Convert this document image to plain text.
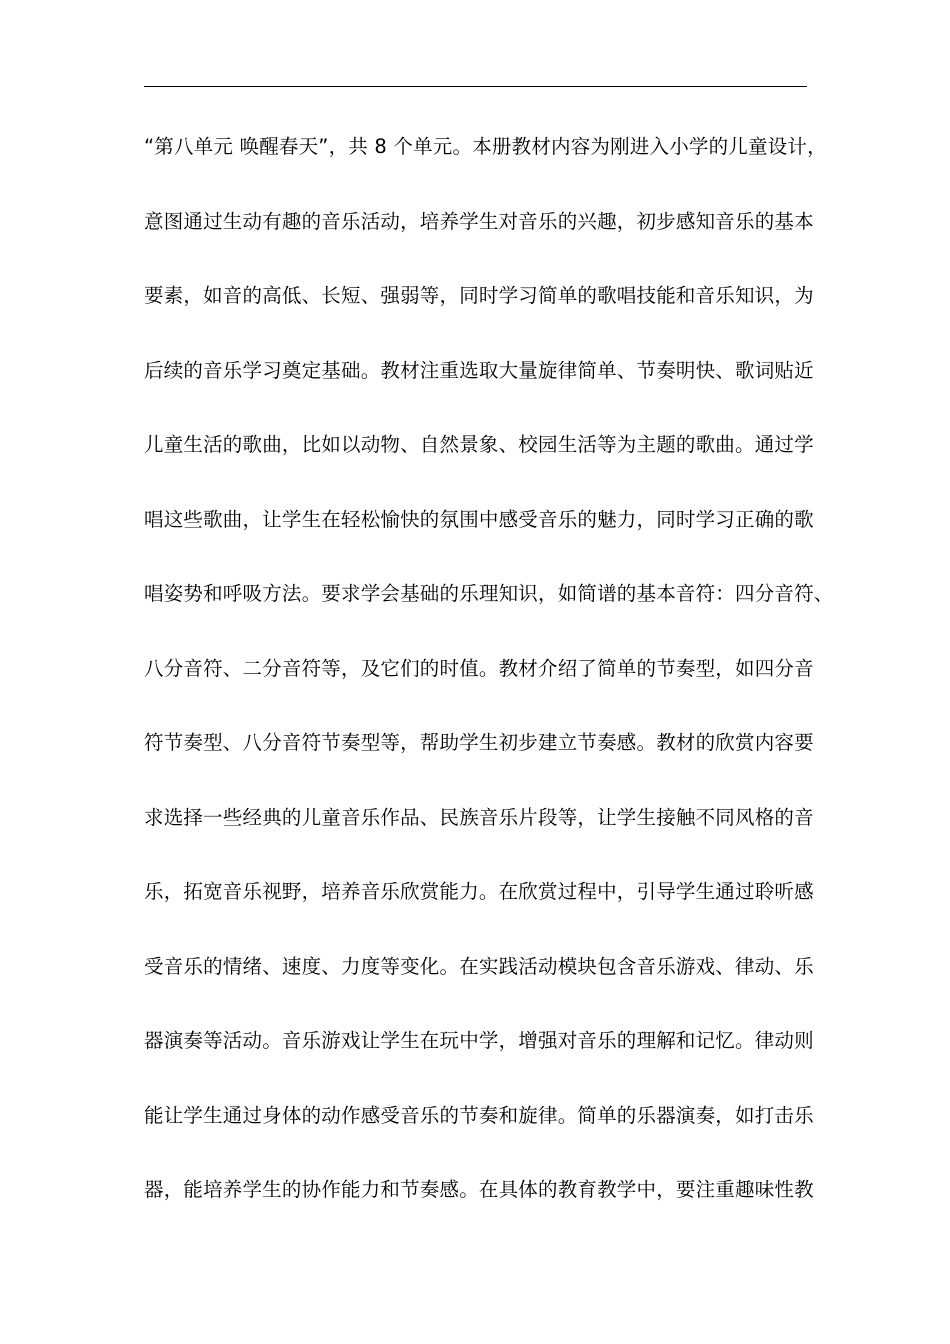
“第八单元 唤醒春天”，共 8 个单元。本册教材内容为刚进入小学的儿童设计，
意图通过生动有趣的音乐活动，培养学生对音乐的兴趣，初步感知音乐的基本
要素，如音的高低、长短、强弱等，同时学习简单的歌唱技能和音乐知识，为
后续的音乐学习奠定基础。教材注重选取大量旋律简单、节奏明快、歌词贴近
儿童生活的歌曲，比如以动物、自然景象、校园生活等为主题的歌曲。通过学
唱这些歌曲，让学生在轻松愉快的氛围中感受音乐的魅力，同时学习正确的歌
唱姿势和呼吸方法。要求学会基础的乐理知识，如简谱的基本音符：四分音符、
八分音符、二分音符等，及它们的时值。教材介绍了简单的节奏型，如四分音
符节奏型、八分音符节奏型等，帮助学生初步建立节奏感。教材的欣赏内容要
求选择一些经典的儿童音乐作品、民族音乐片段等，让学生接触不同风格的音
乐，拓宽音乐视野，培养音乐欣赏能力。在欣赏过程中，引导学生通过聆听感
受音乐的情绪、速度、力度等变化。在实践活动模块包含音乐游戏、律动、乐
器演奏等活动。音乐游戏让学生在玩中学，增强对音乐的理解和记忆。律动则
能让学生通过身体的动作感受音乐的节奏和旋律。简单的乐器演奏，如打击乐
器，能培养学生的协作能力和节奏感。在具体的教育教学中，要注重趣味性教
